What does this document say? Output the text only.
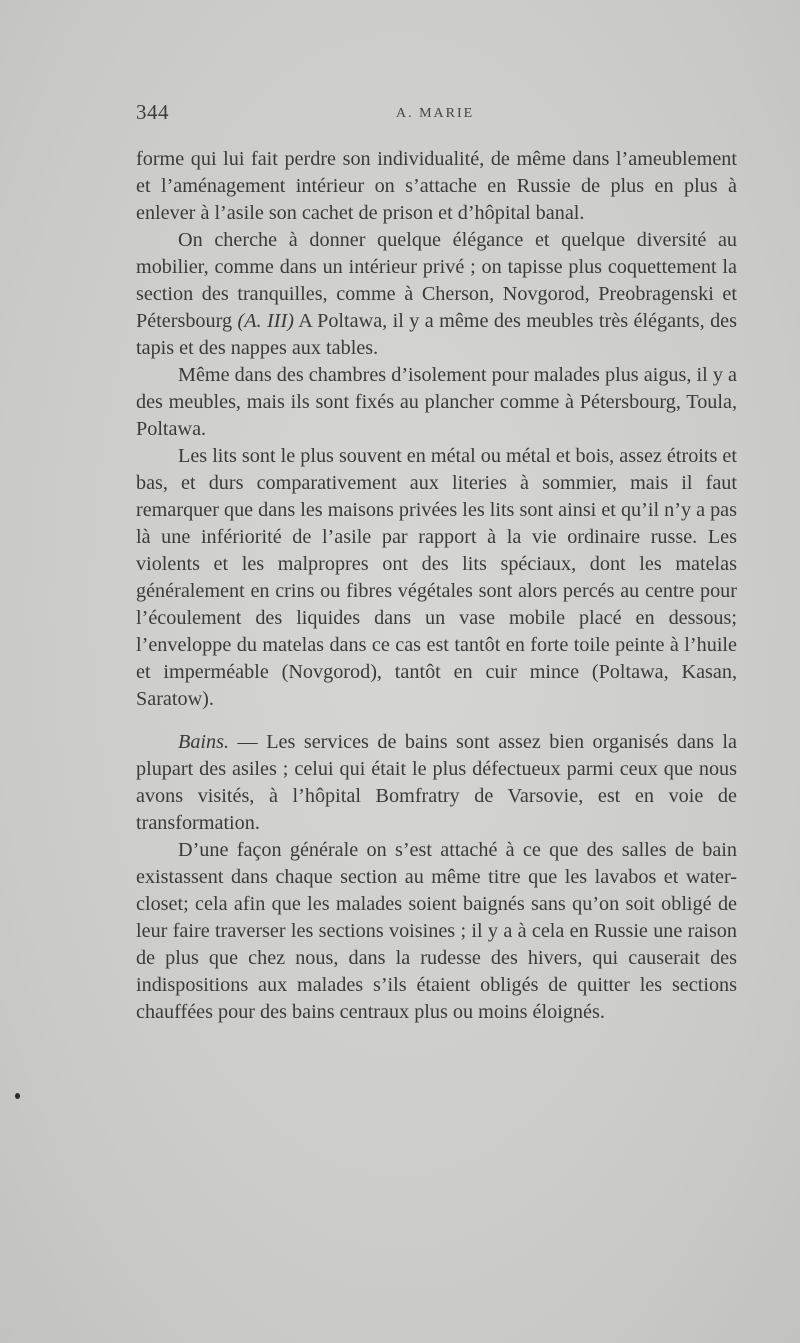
344	A. MARIE

forme qui lui fait perdre son individualité, de même dans l’ameublement et l’aménagement intérieur on s’attache en Russie de plus en plus à enlever à l’asile son cachet de prison et d’hôpital banal.

On cherche à donner quelque élégance et quelque diversité au mobilier, comme dans un intérieur privé ; on tapisse plus coquettement la section des tranquilles, comme à Cherson, Novgorod, Preobragenski et Pétersbourg (A. III) A Poltawa, il y a même des meubles très élégants, des tapis et des nappes aux tables.

Même dans des chambres d’isolement pour malades plus aigus, il y a des meubles, mais ils sont fixés au plancher comme à Pétersbourg, Toula, Poltawa.

Les lits sont le plus souvent en métal ou métal et bois, assez étroits et bas, et durs comparativement aux literies à sommier, mais il faut remarquer que dans les maisons privées les lits sont ainsi et qu’il n’y a pas là une infériorité de l’asile par rapport à la vie ordinaire russe. Les violents et les malpropres ont des lits spéciaux, dont les matelas généralement en crins ou fibres végétales sont alors percés au centre pour l’écoulement des liquides dans un vase mobile placé en dessous; l’enveloppe du matelas dans ce cas est tantôt en forte toile peinte à l’huile et imperméable (Novgorod), tantôt en cuir mince (Poltawa, Kasan, Saratow).

Bains. — Les services de bains sont assez bien organisés dans la plupart des asiles ; celui qui était le plus défectueux parmi ceux que nous avons visités, à l’hôpital Bomfratry de Varsovie, est en voie de transformation.

D’une façon générale on s’est attaché à ce que des salles de bain existassent dans chaque section au même titre que les lavabos et water-closet; cela afin que les malades soient baignés sans qu’on soit obligé de leur faire traverser les sections voisines ; il y a à cela en Russie une raison de plus que chez nous, dans la rudesse des hivers, qui causerait des indispositions aux malades s’ils étaient obligés de quitter les sections chauffées pour des bains centraux plus ou moins éloignés.
